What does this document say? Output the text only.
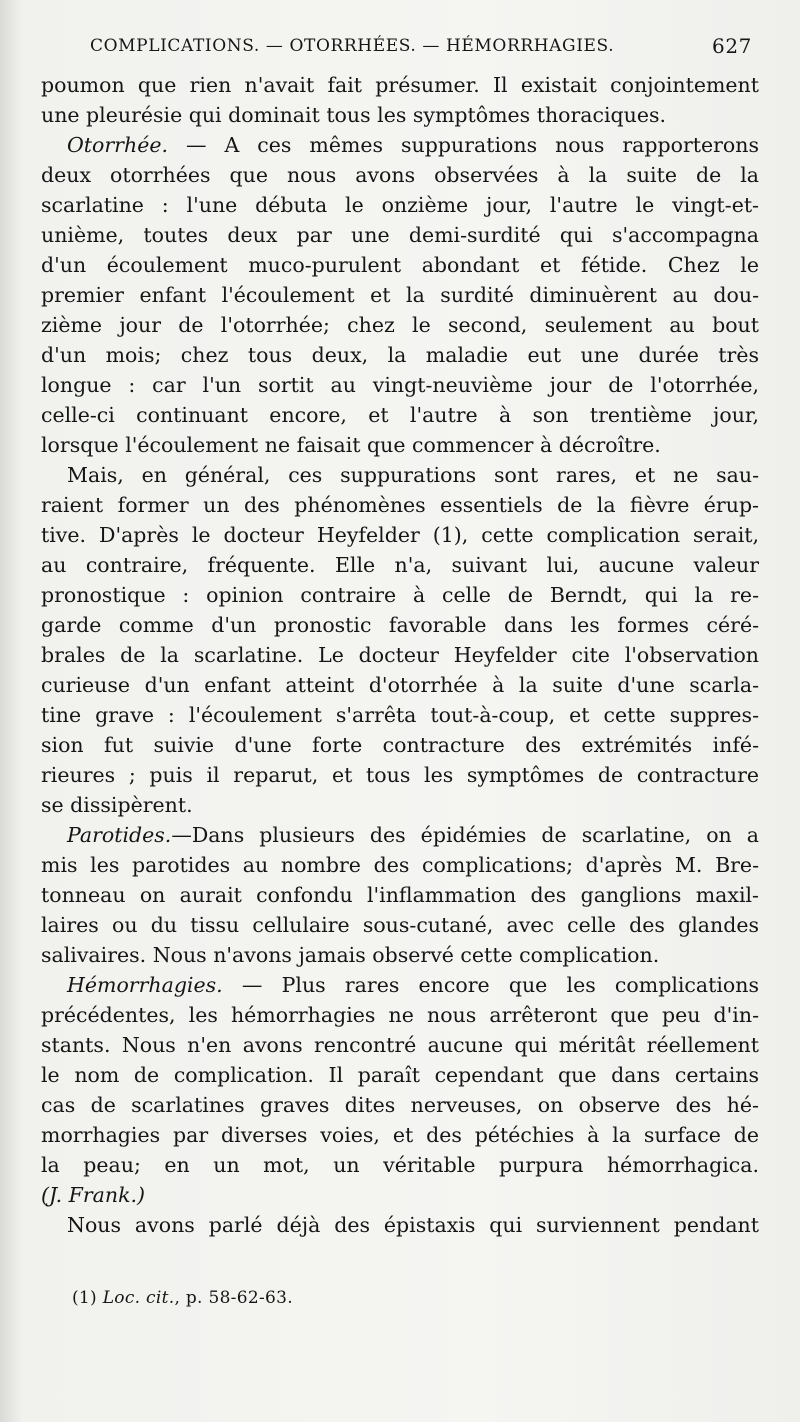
COMPLICATIONS. — OTORRHÉES. — HÉMORRHAGIES.	627
poumon que rien n'avait fait présumer. Il existait conjointement
une pleurésie qui dominait tous les symptômes thoraciques.
Otorrhée. — A ces mêmes suppurations nous rapporterons
deux otorrhées que nous avons observées à la suite de la
scarlatine : l'une débuta le onzième jour, l'autre le vingt-et-
unième, toutes deux par une demi-surdité qui s'accompagna
d'un écoulement muco-purulent abondant et fétide. Chez le
premier enfant l'écoulement et la surdité diminuèrent au dou-
zième jour de l'otorrhée; chez le second, seulement au bout
d'un mois; chez tous deux, la maladie eut une durée très
longue : car l'un sortit au vingt-neuvième jour de l'otorrhée,
celle-ci continuant encore, et l'autre à son trentième jour,
lorsque l'écoulement ne faisait que commencer à décroître.
Mais, en général, ces suppurations sont rares, et ne sau-
raient former un des phénomènes essentiels de la fièvre érup-
tive. D'après le docteur Heyfelder (1), cette complication serait,
au contraire, fréquente. Elle n'a, suivant lui, aucune valeur
pronostique : opinion contraire à celle de Berndt, qui la re-
garde comme d'un pronostic favorable dans les formes céré-
brales de la scarlatine. Le docteur Heyfelder cite l'observation
curieuse d'un enfant atteint d'otorrhée à la suite d'une scarla-
tine grave : l'écoulement s'arrêta tout-à-coup, et cette suppres-
sion fut suivie d'une forte contracture des extrémités infé-
rieures ; puis il reparut, et tous les symptômes de contracture
se dissipèrent.
Parotides.—Dans plusieurs des épidémies de scarlatine, on a
mis les parotides au nombre des complications; d'après M. Bre-
tonneau on aurait confondu l'inflammation des ganglions maxil-
laires ou du tissu cellulaire sous-cutané, avec celle des glandes
salivaires. Nous n'avons jamais observé cette complication.
Hémorrhagies. — Plus rares encore que les complications
précédentes, les hémorrhagies ne nous arrêteront que peu d'in-
stants. Nous n'en avons rencontré aucune qui méritât réellement
le nom de complication. Il paraît cependant que dans certains
cas de scarlatines graves dites nerveuses, on observe des hé-
morrhagies par diverses voies, et des pétéchies à la surface de
la peau; en un mot, un véritable purpura hémorrhagica.
(J. Frank.)
Nous avons parlé déjà des épistaxis qui surviennent pendant
(1) Loc. cit., p. 58-62-63.
